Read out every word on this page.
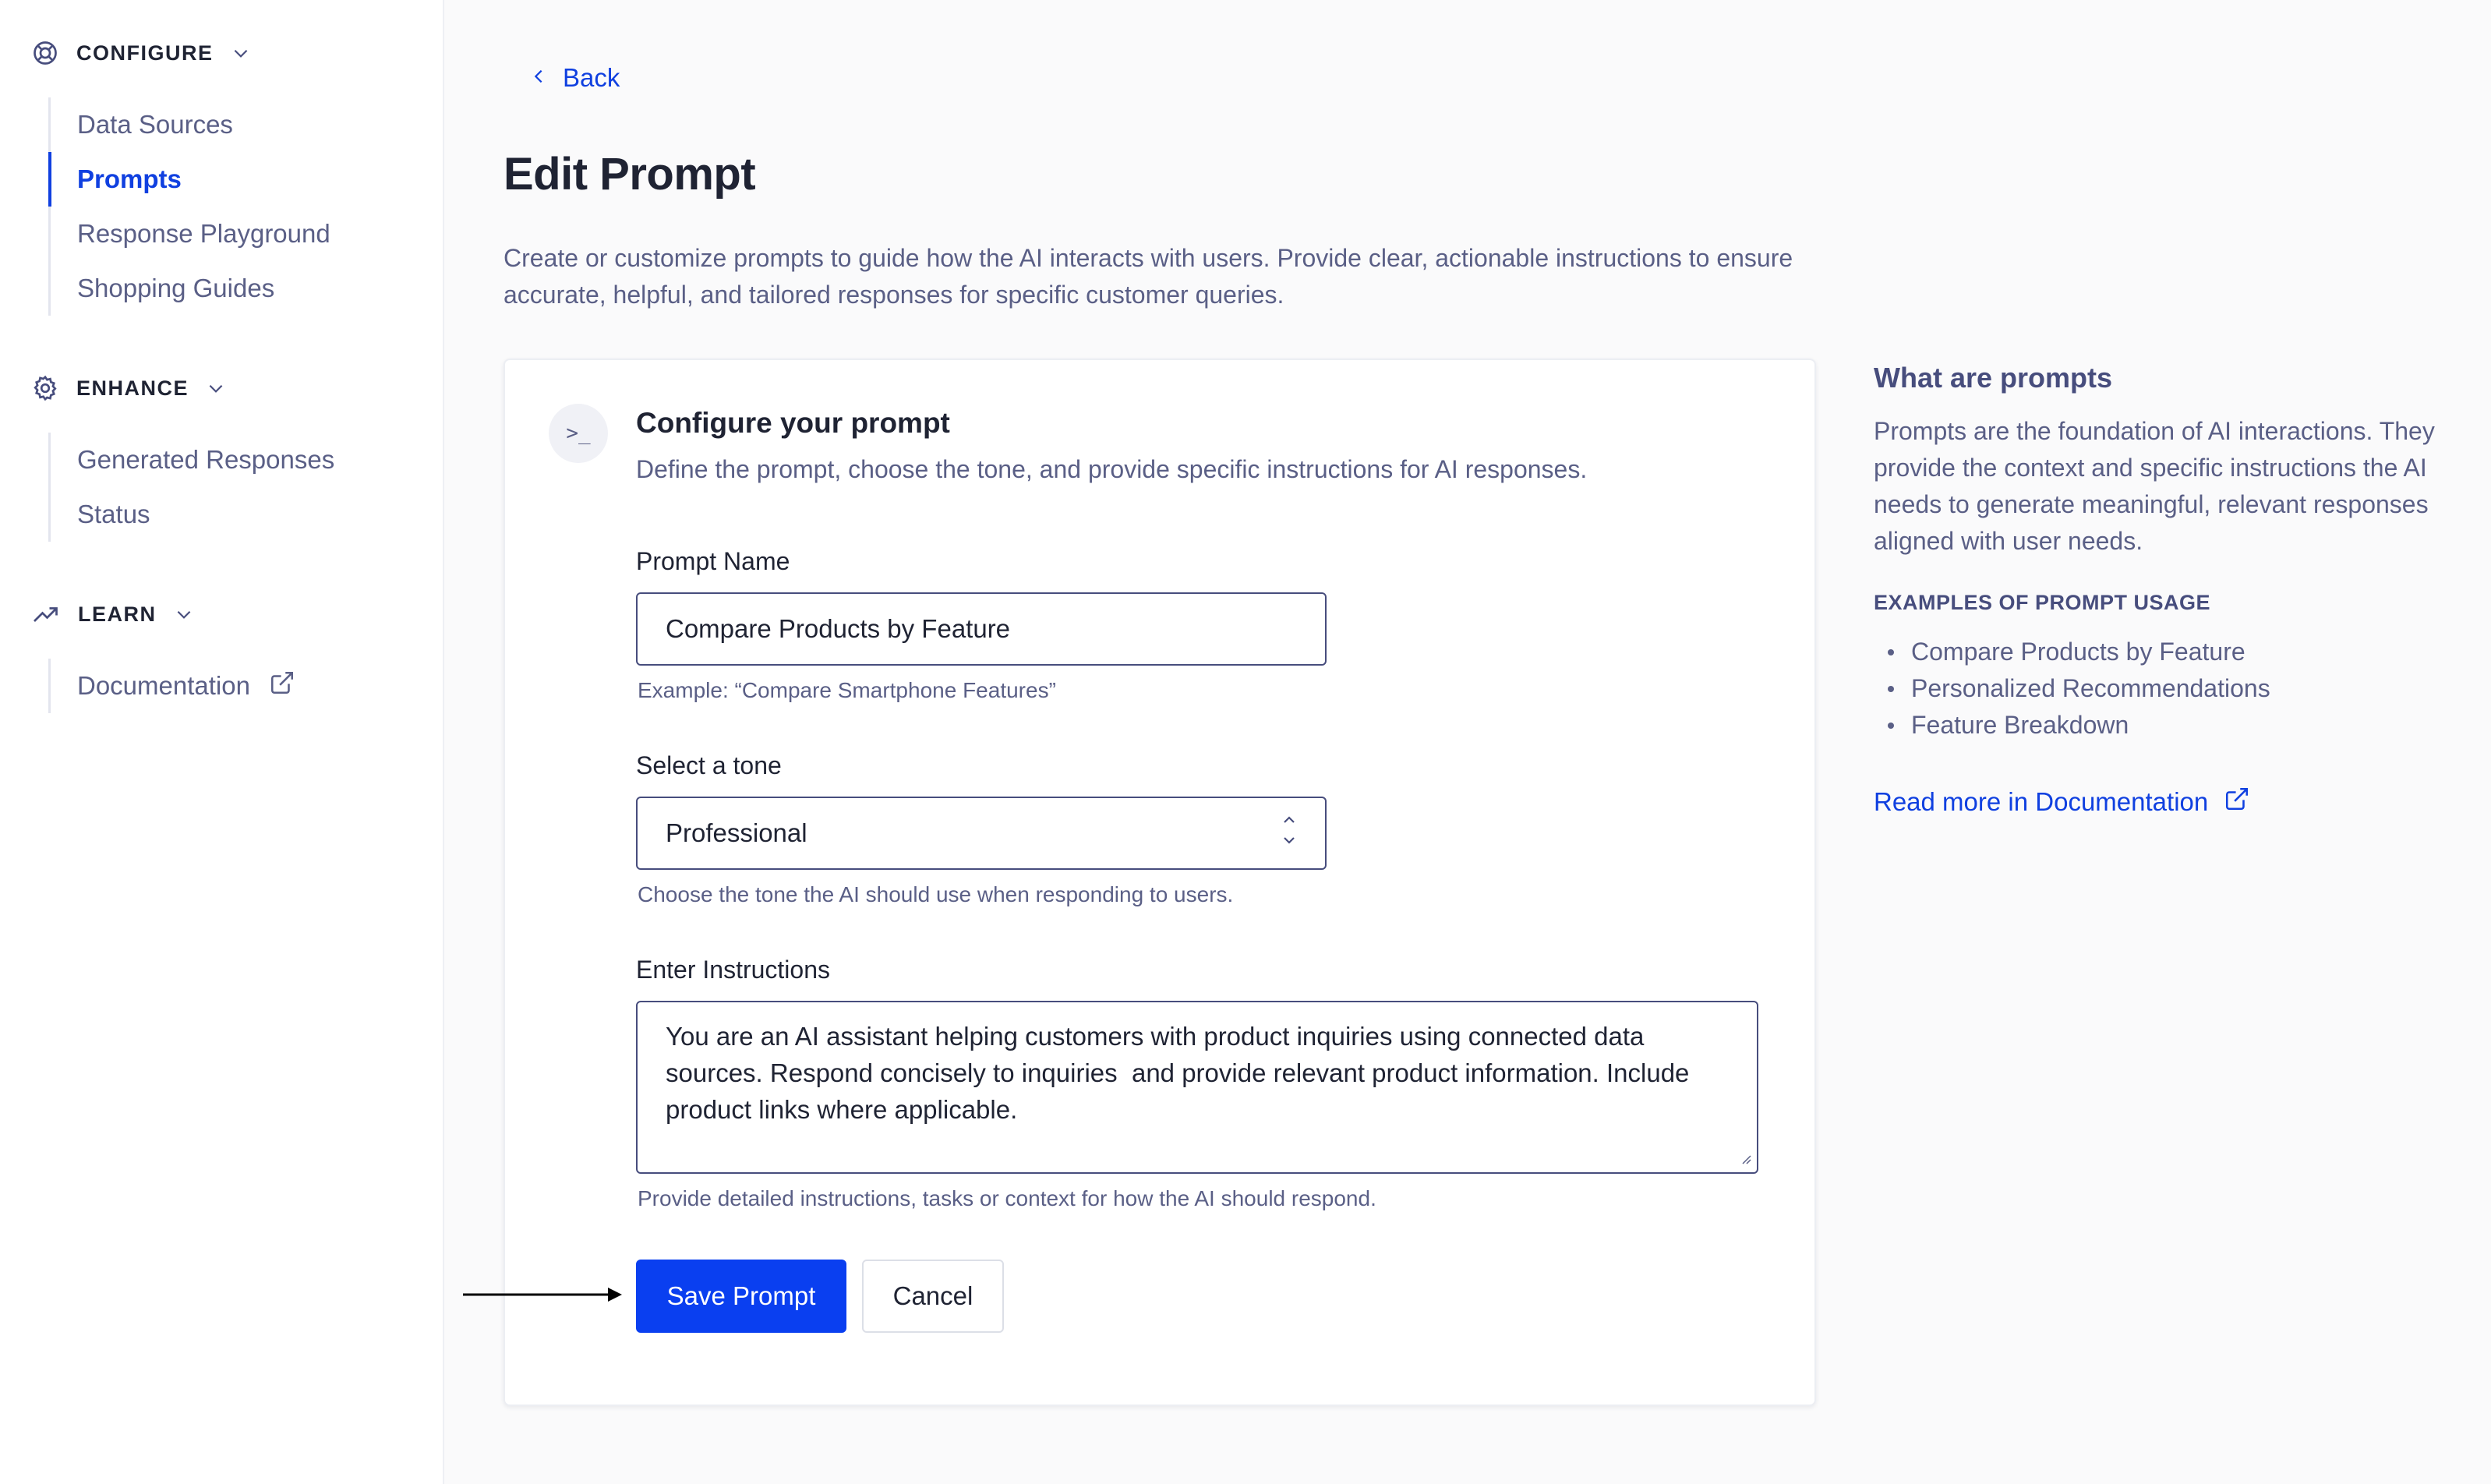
CONFIGURE
Data Sources
Prompts
Response Playground
Shopping Guides
ENHANCE
Generated Responses
Status
LEARN
Documentation
Back
Edit Prompt

Create or customize prompts to guide how the AI interacts with users. Provide clear, actionable instructions to ensure accurate, helpful, and tailored responses for specific customer queries.

>_	Configure your prompt
Define the prompt, choose the tone, and provide specific instructions for AI responses.
Prompt Name
Compare Products by Feature
Example: “Compare Smartphone Features”
Select a tone
Professional
Choose the tone the AI should use when responding to users.
Enter Instructions
You are an AI assistant helping customers with product inquiries using connected data sources. Respond concisely to inquiries and provide relevant product information. Include product links where applicable.
Provide detailed instructions, tasks or context for how the AI should respond.
Save Prompt	Cancel
What are prompts

Prompts are the foundation of AI interactions. They provide the context and specific instructions the AI needs to generate meaningful, relevant responses aligned with user needs.

EXAMPLES OF PROMPT USAGE
Compare Products by Feature
Personalized Recommendations
Feature Breakdown
Read more in Documentation
